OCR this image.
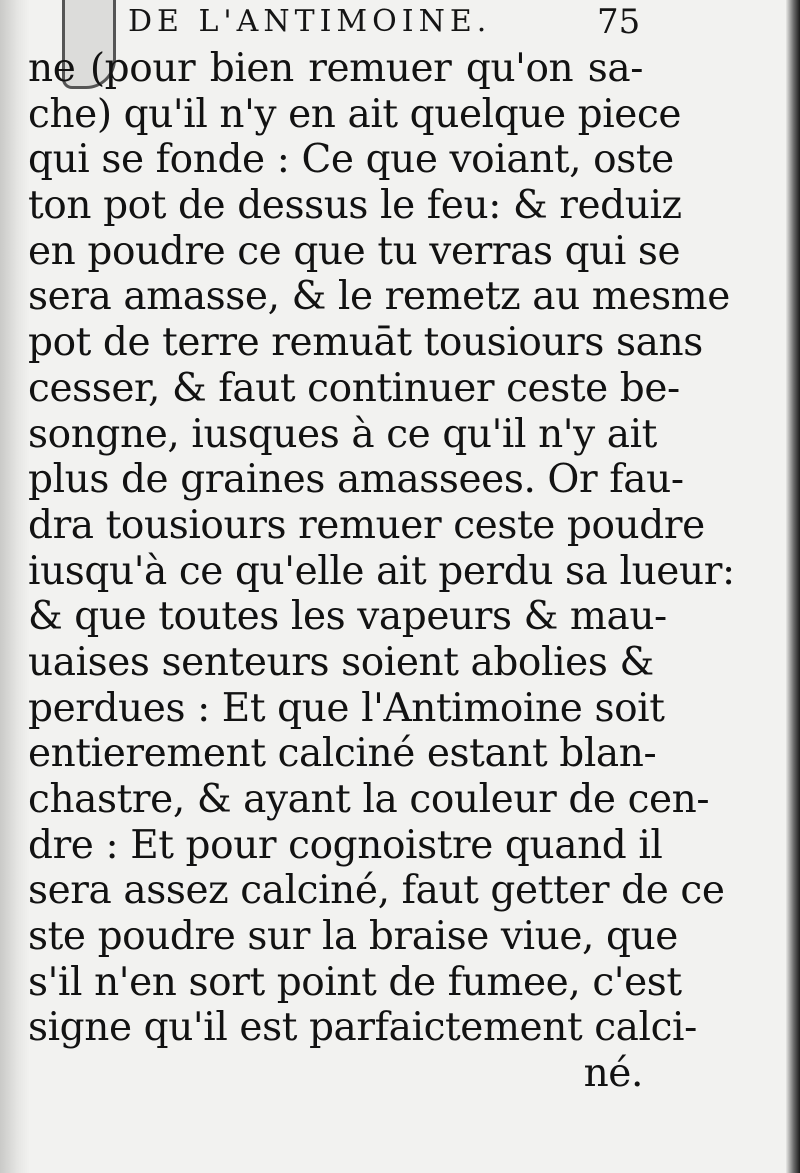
DE L'ANTIMOINE.	75
ne (pour bien remuer qu'on sa-
che) qu'il n'y en ait quelque piece
qui se fonde : Ce que voiant, oste
ton pot de dessus le feu: & reduiz
en poudre ce que tu verras qui se
sera amasse, & le remetz au mesme
pot de terre remuāt tousiours sans
cesser, & faut continuer ceste be-
songne, iusques à ce qu'il n'y ait
plus de graines amassees. Or fau-
dra tousiours remuer ceste poudre
iusqu'à ce qu'elle ait perdu sa lueur:
& que toutes les vapeurs & mau-
uaises senteurs soient abolies &
perdues : Et que l'Antimoine soit
entierement calciné estant blan-
chastre, & ayant la couleur de cen-
dre : Et pour cognoistre quand il
sera assez calciné, faut getter de ce
ste poudre sur la braise viue, que
s'il n'en sort point de fumee, c'est
signe qu'il est parfaictement calci-
né.
